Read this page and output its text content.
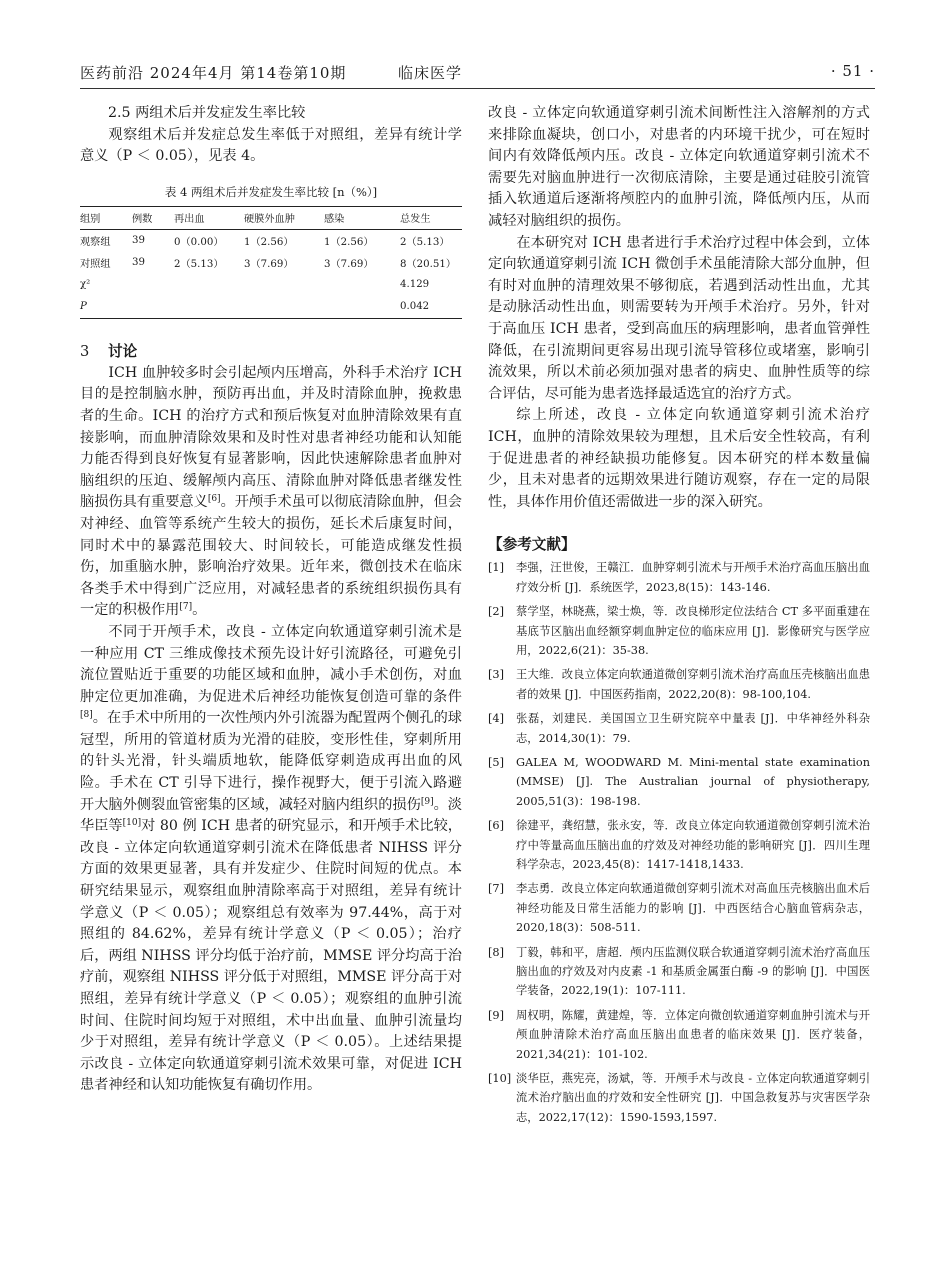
医药前沿 2024年4月 第14卷第10期	临床医学	· 51 ·

2.5 两组术后并发症发生率比较

观察组术后并发症总发生率低于对照组，差异有统计学意义（P ＜ 0.05），见表 4。

表 4 两组术后并发症发生率比较 [n（%）]
组别	例数	再出血	硬膜外血肿	感染	总发生
观察组	39	0（0.00）	1（2.56）	1（2.56）	2（5.13）
对照组	39	2（5.13）	3（7.69）	3（7.69）	8（20.51）
χ²					4.129
P					0.042

3 讨论

ICH 血肿较多时会引起颅内压增高，外科手术治疗 ICH 目的是控制脑水肿，预防再出血，并及时清除血肿，挽救患者的生命。ICH 的治疗方式和预后恢复对血肿清除效果有直接影响，而血肿清除效果和及时性对患者神经功能和认知能力能否得到良好恢复有显著影响，因此快速解除患者血肿对脑组织的压迫、缓解颅内高压、清除血肿对降低患者继发性脑损伤具有重要意义[6]。开颅手术虽可以彻底清除血肿，但会对神经、血管等系统产生较大的损伤，延长术后康复时间，同时术中的暴露范围较大、时间较长，可能造成继发性损伤，加重脑水肿，影响治疗效果。近年来，微创技术在临床各类手术中得到广泛应用，对减轻患者的系统组织损伤具有一定的积极作用[7]。

不同于开颅手术，改良 - 立体定向软通道穿刺引流术是一种应用 CT 三维成像技术预先设计好引流路径，可避免引流位置贴近于重要的功能区域和血肿，减小手术创伤，对血肿定位更加准确，为促进术后神经功能恢复创造可靠的条件[8]。在手术中所用的一次性颅内外引流器为配置两个侧孔的球冠型，所用的管道材质为光滑的硅胶，变形性佳，穿刺所用的针头光滑，针头端质地软，能降低穿刺造成再出血的风险。手术在 CT 引导下进行，操作视野大，便于引流入路避开大脑外侧裂血管密集的区域，减轻对脑内组织的损伤[9]。淡华臣等[10]对 80 例 ICH 患者的研究显示，和开颅手术比较，改良 - 立体定向软通道穿刺引流术在降低患者 NIHSS 评分方面的效果更显著，具有并发症少、住院时间短的优点。本研究结果显示，观察组血肿清除率高于对照组，差异有统计学意义（P ＜ 0.05）；观察组总有效率为 97.44%，高于对照组的 84.62%，差异有统计学意义（P ＜ 0.05）；治疗后，两组 NIHSS 评分均低于治疗前，MMSE 评分均高于治疗前，观察组 NIHSS 评分低于对照组，MMSE 评分高于对照组，差异有统计学意义（P ＜ 0.05）；观察组的血肿引流时间、住院时间均短于对照组，术中出血量、血肿引流量均少于对照组，差异有统计学意义（P ＜ 0.05）。上述结果提示改良 - 立体定向软通道穿刺引流术效果可靠，对促进 ICH 患者神经和认知功能恢复有确切作用。

改良 - 立体定向软通道穿刺引流术间断性注入溶解剂的方式来排除血凝块，创口小，对患者的内环境干扰少，可在短时间内有效降低颅内压。改良 - 立体定向软通道穿刺引流术不需要先对脑血肿进行一次彻底清除，主要是通过硅胶引流管插入软通道后逐渐将颅腔内的血肿引流，降低颅内压，从而减轻对脑组织的损伤。

在本研究对 ICH 患者进行手术治疗过程中体会到，立体定向软通道穿刺引流 ICH 微创手术虽能清除大部分血肿，但有时对血肿的清理效果不够彻底，若遇到活动性出血，尤其是动脉活动性出血，则需要转为开颅手术治疗。另外，针对于高血压 ICH 患者，受到高血压的病理影响，患者血管弹性降低，在引流期间更容易出现引流导管移位或堵塞，影响引流效果，所以术前必须加强对患者的病史、血肿性质等的综合评估，尽可能为患者选择最适选宜的治疗方式。

综上所述，改良 - 立体定向软通道穿刺引流术治疗 ICH，血肿的清除效果较为理想，且术后安全性较高，有利于促进患者的神经缺损功能修复。因本研究的样本数量偏少，且未对患者的远期效果进行随访观察，存在一定的局限性，具体作用价值还需做进一步的深入研究。

【参考文献】

[1] 李强，汪世俊，王赣江．血肿穿刺引流术与开颅手术治疗高血压脑出血疗效分析 [J]．系统医学，2023,8(15)：143-146.

[2] 蔡学坚，林晓燕，梁士焕，等．改良梯形定位法结合 CT 多平面重建在基底节区脑出血经额穿刺血肿定位的临床应用 [J]．影像研究与医学应用，2022,6(21)：35-38.

[3] 王大维．改良立体定向软通道微创穿刺引流术治疗高血压壳核脑出血患者的效果 [J]．中国医药指南，2022,20(8)：98-100,104.

[4] 张磊，刘建民．美国国立卫生研究院卒中量表 [J]．中华神经外科杂志，2014,30(1)：79.

[5] GALEA M, WOODWARD M. Mini-mental state examination (MMSE) [J]. The Australian journal of physiotherapy, 2005,51(3)：198-198.

[6] 徐建平，龚绍慧，张永安，等．改良立体定向软通道微创穿刺引流术治疗中等量高血压脑出血的疗效及对神经功能的影响研究 [J]．四川生理科学杂志，2023,45(8)：1417-1418,1433.

[7] 李志勇．改良立体定向软通道微创穿刺引流术对高血压壳核脑出血术后神经功能及日常生活能力的影响 [J]．中西医结合心脑血管病杂志，2020,18(3)：508-511.

[8] 丁毅，韩和平，唐超．颅内压监测仪联合软通道穿刺引流术治疗高血压脑出血的疗效及对内皮素 -1 和基质金属蛋白酶 -9 的影响 [J]．中国医学装备，2022,19(1)：107-111.

[9] 周权明，陈耀，黄建煌，等．立体定向微创软通道穿刺血肿引流术与开颅血肿清除术治疗高血压脑出血患者的临床效果 [J]．医疗装备，2021,34(21)：101-102.

[10] 淡华臣，燕宪亮，汤斌，等．开颅手术与改良 - 立体定向软通道穿刺引流术治疗脑出血的疗效和安全性研究 [J]．中国急救复苏与灾害医学杂志，2022,17(12)：1590-1593,1597.
